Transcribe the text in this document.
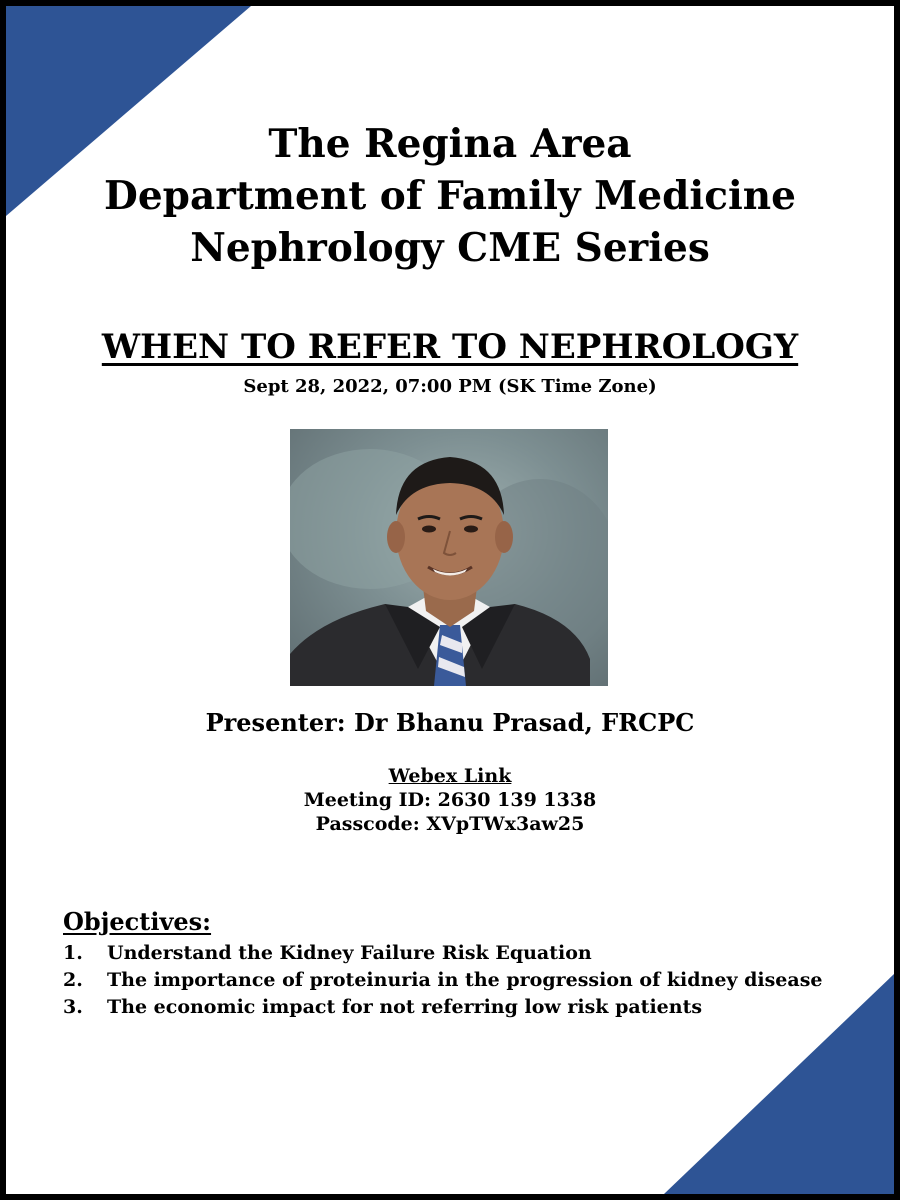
The Regina Area
Department of Family Medicine
Nephrology CME Series
WHEN TO REFER TO NEPHROLOGY
Sept 28, 2022, 07:00 PM (SK Time Zone)
Presenter: Dr Bhanu Prasad, FRCPC
Webex Link
Meeting ID: 2630 139 1338
Passcode: XVpTWx3aw25
Objectives:
1.	Understand the Kidney Failure Risk Equation
2.	The importance of proteinuria in the progression of kidney disease
3.	The economic impact for not referring low risk patients
